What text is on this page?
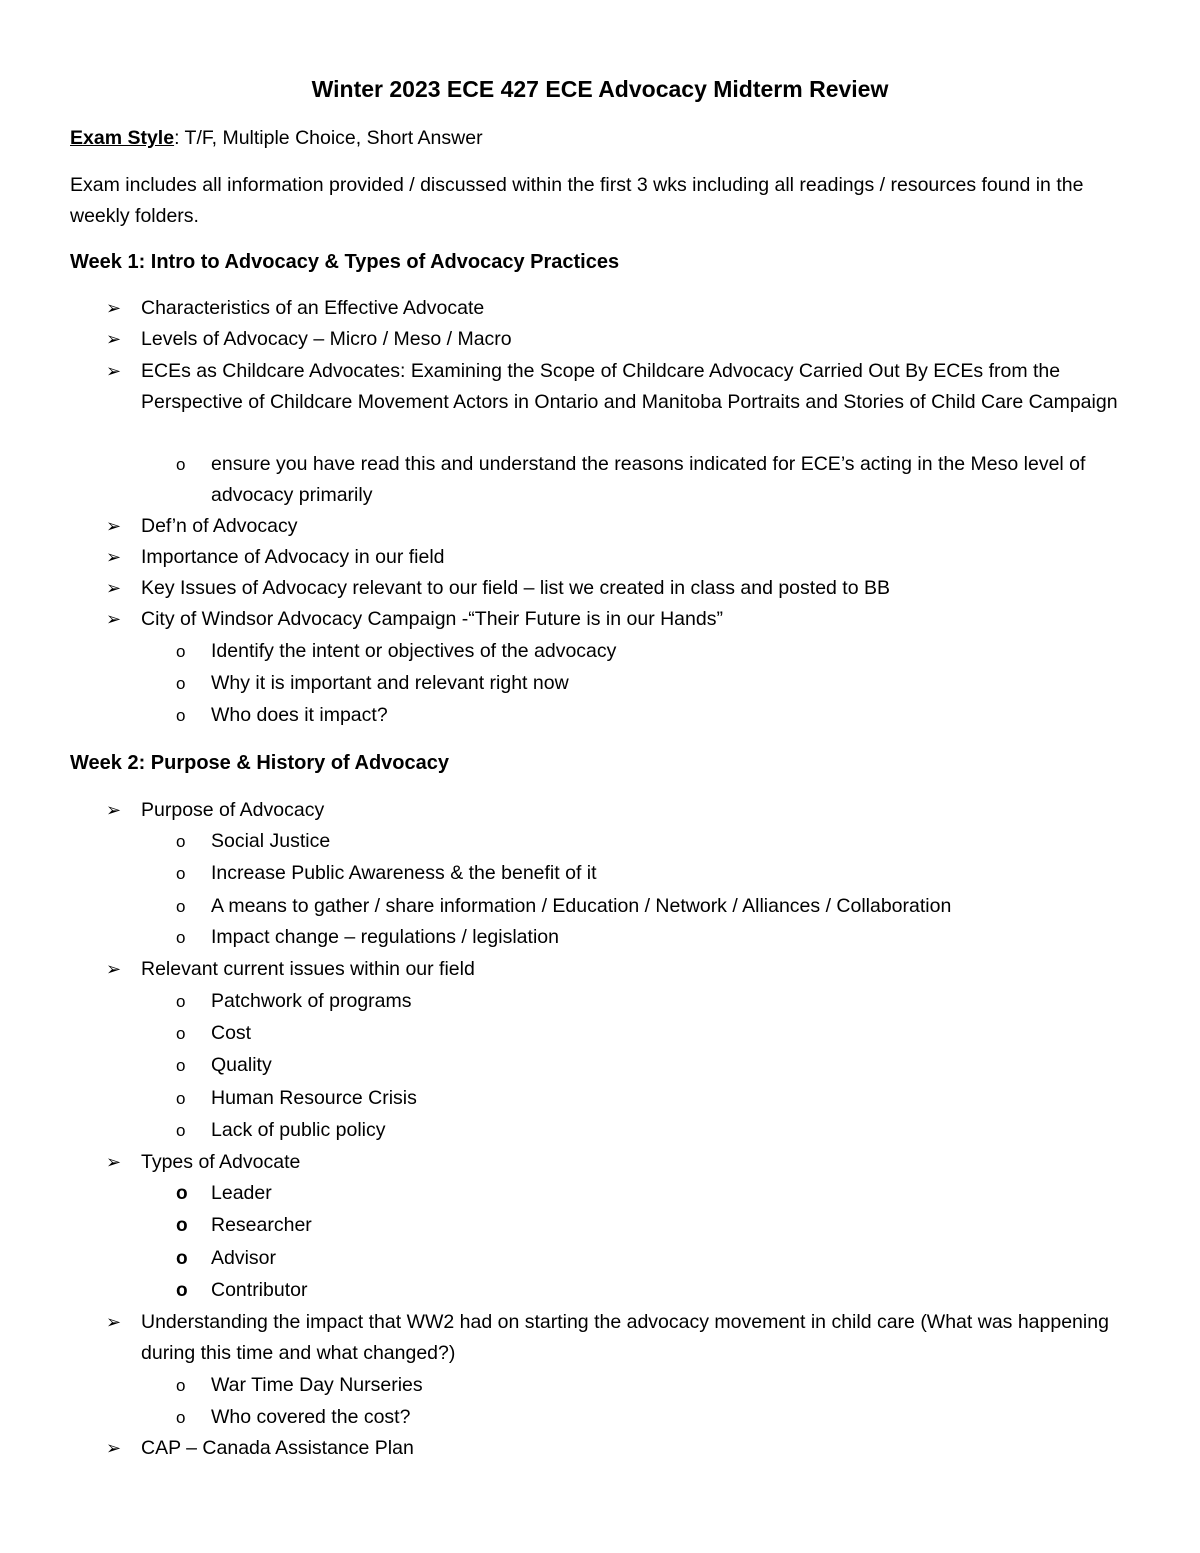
Winter 2023 ECE 427 ECE Advocacy Midterm Review
Exam Style: T/F, Multiple Choice, Short Answer
Exam includes all information provided / discussed within the first 3 wks including all readings / resources found in the weekly folders.
Week 1: Intro to Advocacy & Types of Advocacy Practices
➢ Characteristics of an Effective Advocate
➢ Levels of Advocacy – Micro / Meso / Macro
➢ ECEs as Childcare Advocates: Examining the Scope of Childcare Advocacy Carried Out By ECEs from the Perspective of Childcare Movement Actors in Ontario and Manitoba Portraits and Stories of Child Care Campaign
o ensure you have read this and understand the reasons indicated for ECE’s acting in the Meso level of advocacy primarily
➢ Def’n of Advocacy
➢ Importance of Advocacy in our field
➢ Key Issues of Advocacy relevant to our field – list we created in class and posted to BB
➢ City of Windsor Advocacy Campaign -“Their Future is in our Hands”
o Identify the intent or objectives of the advocacy
o Why it is important and relevant right now
o Who does it impact?
Week 2: Purpose & History of Advocacy
➢ Purpose of Advocacy
o Social Justice
o Increase Public Awareness & the benefit of it
o A means to gather / share information / Education / Network / Alliances / Collaboration
o Impact change – regulations / legislation
➢ Relevant current issues within our field
o Patchwork of programs
o Cost
o Quality
o Human Resource Crisis
o Lack of public policy
➢ Types of Advocate
o Leader
o Researcher
o Advisor
o Contributor
➢ Understanding the impact that WW2 had on starting the advocacy movement in child care (What was happening during this time and what changed?)
o War Time Day Nurseries
o Who covered the cost?
➢ CAP – Canada Assistance Plan
